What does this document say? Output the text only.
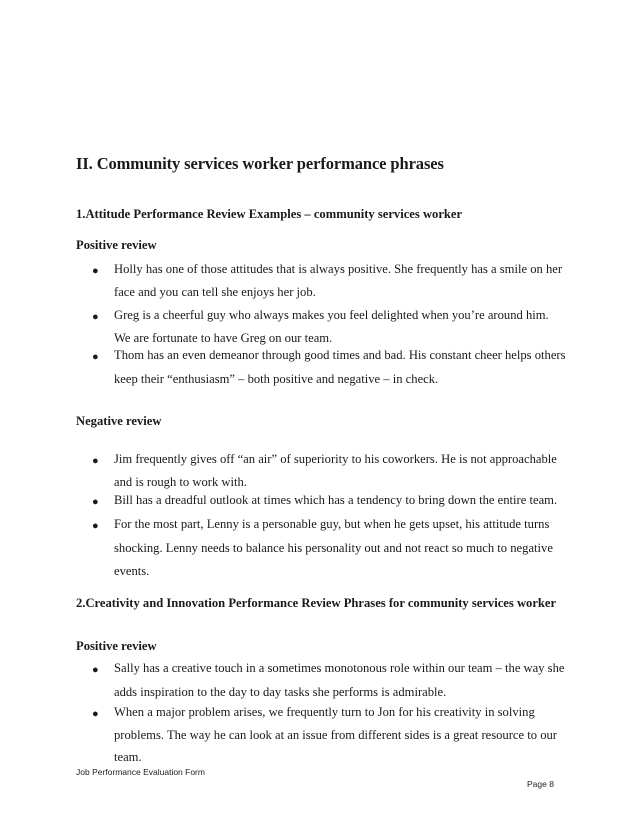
II. Community services worker performance phrases
1.Attitude Performance Review Examples – community services worker
Positive review
● Holly has one of those attitudes that is always positive. She frequently has a smile on her
face and you can tell she enjoys her job.
● Greg is a cheerful guy who always makes you feel delighted when you’re around him.
We are fortunate to have Greg on our team.
● Thom has an even demeanor through good times and bad. His constant cheer helps others
keep their “enthusiasm” – both positive and negative – in check.
Negative review
● Jim frequently gives off “an air” of superiority to his coworkers. He is not approachable
and is rough to work with.
● Bill has a dreadful outlook at times which has a tendency to bring down the entire team.
● For the most part, Lenny is a personable guy, but when he gets upset, his attitude turns
shocking. Lenny needs to balance his personality out and not react so much to negative
events.
2.Creativity and Innovation Performance Review Phrases for community services worker
Positive review
● Sally has a creative touch in a sometimes monotonous role within our team – the way she
adds inspiration to the day to day tasks she performs is admirable.
● When a major problem arises, we frequently turn to Jon for his creativity in solving
problems. The way he can look at an issue from different sides is a great resource to our
team.
Job Performance Evaluation Form
Page 8
